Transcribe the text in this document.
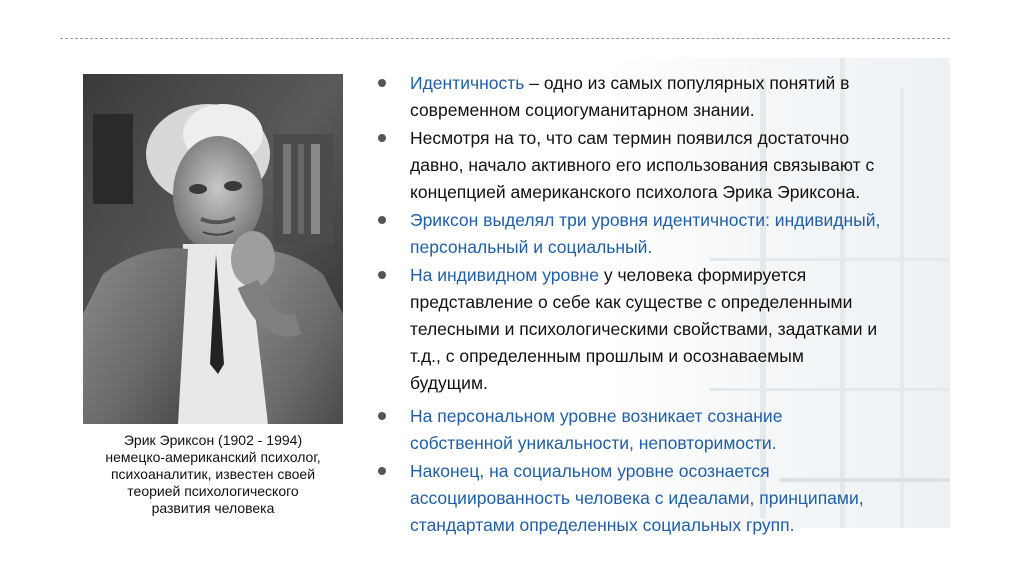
Эрик Эриксон (1902 - 1994)
немецко-американский психолог,
психоаналитик, известен своей
теорией психологического
развития человека
Идентичность – одно из самых популярных понятий в
современном социогуманитарном знании.
Несмотря на то, что сам термин появился достаточно
давно, начало активного его использования связывают с
концепцией американского психолога Эрика Эриксона.
Эриксон выделял три уровня идентичности: индивидный,
персональный и социальный.
На индивидном уровне у человека формируется
представление о себе как существе с определенными
телесными и психологическими свойствами, задатками и
т.д., с определенным прошлым и осознаваемым
будущим.
На персональном уровне возникает сознание
собственной уникальности, неповторимости.
Наконец, на социальном уровне осознается
ассоциированность человека с идеалами, принципами,
стандартами определенных социальных групп.
